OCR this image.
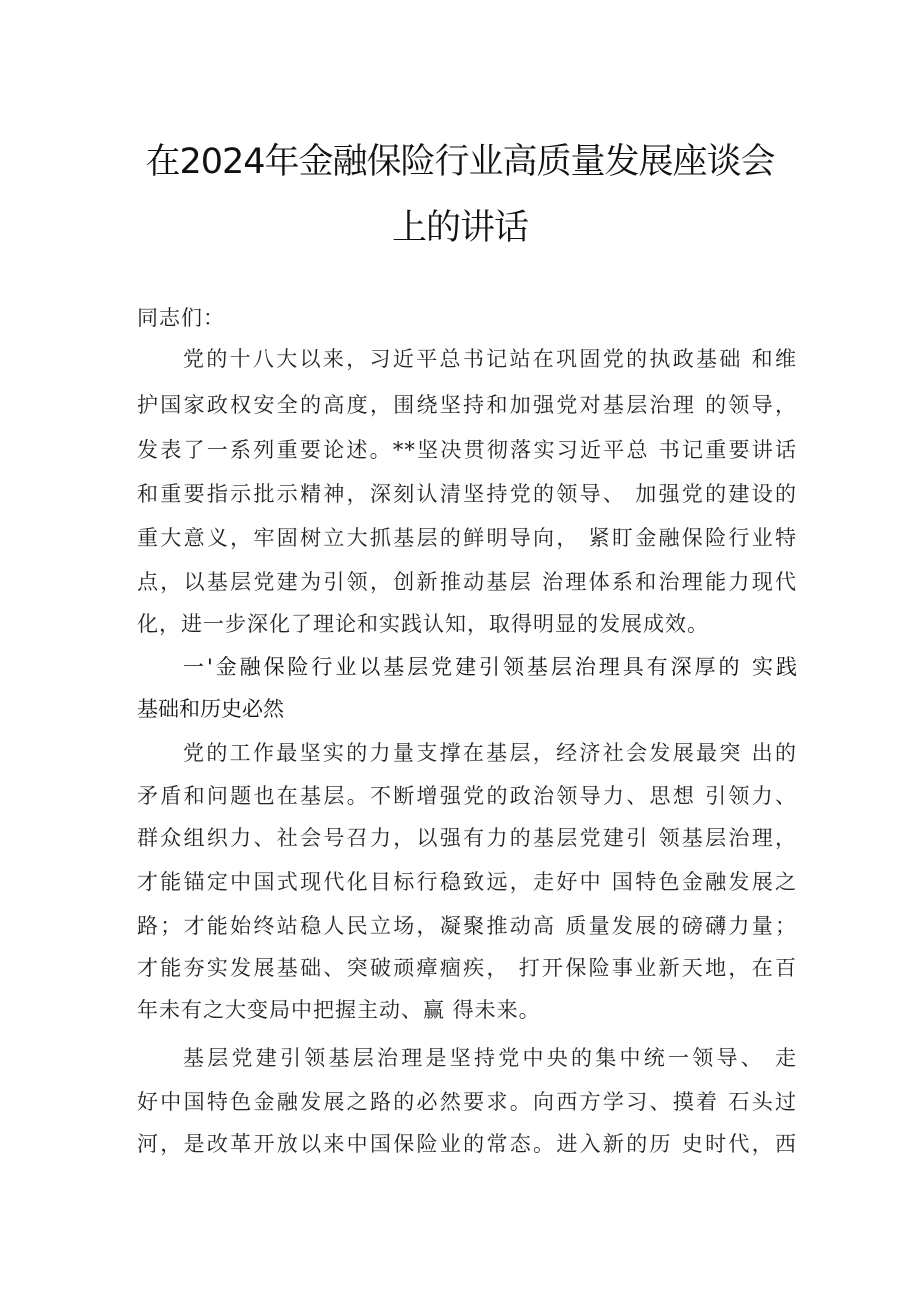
在2024年金融保险行业高质量发展座谈会
上的讲话
同志们：
党的十八大以来，习近平总书记站在巩固党的执政基础 和维
护国家政权安全的高度，围绕坚持和加强党对基层治理 的领导，
发表了一系列重要论述。**坚决贯彻落实习近平总 书记重要讲话
和重要指示批示精神，深刻认清坚持党的领导、 加强党的建设的
重大意义，牢固树立大抓基层的鲜明导向， 紧盯金融保险行业特
点，以基层党建为引领，创新推动基层 治理体系和治理能力现代
化，进一步深化了理论和实践认知，取得明显的发展成效。
一'金融保险行业以基层党建引领基层治理具有深厚的 实践
基础和历史必然
党的工作最坚实的力量支撑在基层，经济社会发展最突 出的
矛盾和问题也在基层。不断增强党的政治领导力、思想 引领力、
群众组织力、社会号召力，以强有力的基层党建引 领基层治理，
才能锚定中国式现代化目标行稳致远，走好中 国特色金融发展之
路；才能始终站稳人民立场，凝聚推动高 质量发展的磅礴力量；
才能夯实发展基础、突破顽瘴痼疾， 打开保险事业新天地，在百
年未有之大变局中把握主动、赢 得未来。
基层党建引领基层治理是坚持党中央的集中统一领导、 走
好中国特色金融发展之路的必然要求。向西方学习、摸着 石头过
河，是改革开放以来中国保险业的常态。进入新的历 史时代，西
